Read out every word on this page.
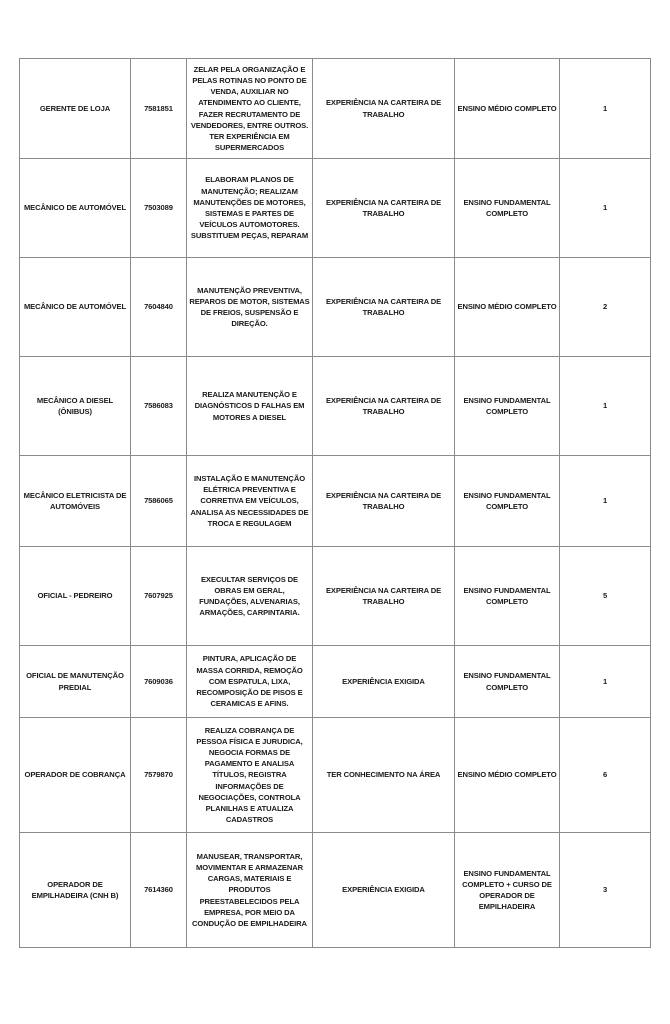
GERENTE DE LOJA	7581851	ZELAR PELA ORGANIZAÇÃO E PELAS ROTINAS NO PONTO DE VENDA, AUXILIAR NO ATENDIMENTO AO CLIENTE, FAZER RECRUTAMENTO DE VENDEDORES, ENTRE OUTROS. TER EXPERIÊNCIA EM SUPERMERCADOS	EXPERIÊNCIA NA CARTEIRA DE TRABALHO	ENSINO MÉDIO COMPLETO	1
MECÂNICO DE AUTOMÓVEL	7503089	ELABORAM PLANOS DE MANUTENÇÃO; REALIZAM MANUTENÇÕES DE MOTORES, SISTEMAS E PARTES DE VEÍCULOS AUTOMOTORES. SUBSTITUEM PEÇAS, REPARAM	EXPERIÊNCIA NA CARTEIRA DE TRABALHO	ENSINO FUNDAMENTAL COMPLETO	1
MECÂNICO DE AUTOMÓVEL	7604840	MANUTENÇÃO PREVENTIVA, REPAROS DE MOTOR, SISTEMAS DE FREIOS, SUSPENSÃO E DIREÇÃO.	EXPERIÊNCIA NA CARTEIRA DE TRABALHO	ENSINO MÉDIO COMPLETO	2
MECÂNICO A DIESEL (ÔNIBUS)	7586083	REALIZA MANUTENÇÃO E DIAGNÓSTICOS D FALHAS EM MOTORES A DIESEL	EXPERIÊNCIA NA CARTEIRA DE TRABALHO	ENSINO FUNDAMENTAL COMPLETO	1
MECÂNICO ELETRICISTA DE AUTOMÓVEIS	7586065	INSTALAÇÃO E MANUTENÇÃO ELÉTRICA PREVENTIVA E CORRETIVA EM VEÍCULOS, ANALISA AS NECESSIDADES DE TROCA E REGULAGEM	EXPERIÊNCIA NA CARTEIRA DE TRABALHO	ENSINO FUNDAMENTAL COMPLETO	1
OFICIAL - PEDREIRO	7607925	EXECULTAR SERVIÇOS DE OBRAS EM GERAL, FUNDAÇÕES, ALVENARIAS, ARMAÇÕES, CARPINTARIA.	EXPERIÊNCIA NA CARTEIRA DE TRABALHO	ENSINO FUNDAMENTAL COMPLETO	5
OFICIAL DE MANUTENÇÃO PREDIAL	7609036	PINTURA, APLICAÇÃO DE MASSA CORRIDA, REMOÇÃO COM ESPATULA, LIXA, RECOMPOSIÇÃO DE PISOS E CERAMICAS E AFINS.	EXPERIÊNCIA EXIGIDA	ENSINO FUNDAMENTAL COMPLETO	1
OPERADOR DE COBRANÇA	7579870	REALIZA COBRANÇA DE PESSOA FÍSICA E JURUDICA, NEGOCIA FORMAS DE PAGAMENTO E ANALISA TÍTULOS, REGISTRA INFORMAÇÕES DE NEGOCIAÇÕES, CONTROLA PLANILHAS E ATUALIZA CADASTROS	TER CONHECIMENTO NA ÁREA	ENSINO MÉDIO COMPLETO	6
OPERADOR DE EMPILHADEIRA (CNH B)	7614360	MANUSEAR, TRANSPORTAR, MOVIMENTAR E ARMAZENAR CARGAS, MATERIAIS E PRODUTOS PREESTABELECIDOS PELA EMPRESA, POR MEIO DA CONDUÇÃO DE EMPILHADEIRA	EXPERIÊNCIA EXIGIDA	ENSINO FUNDAMENTAL COMPLETO + CURSO DE OPERADOR DE EMPILHADEIRA	3
